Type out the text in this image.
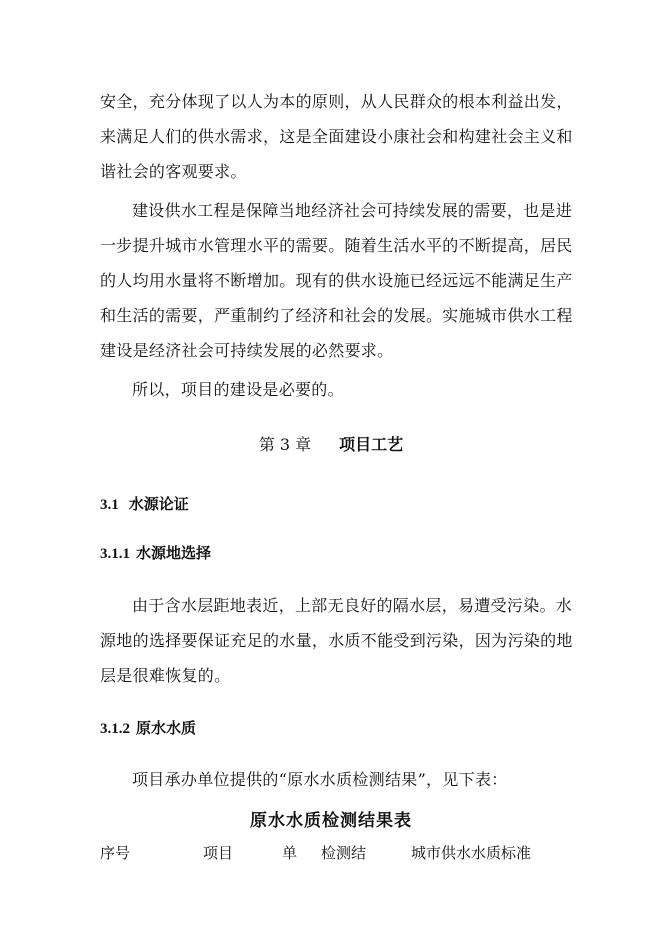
安全，充分体现了以人为本的原则，从人民群众的根本利益出发，
来满足人们的供水需求，这是全面建设小康社会和构建社会主义和
谐社会的客观要求。
建设供水工程是保障当地经济社会可持续发展的需要，也是进
一步提升城市水管理水平的需要。随着生活水平的不断提高，居民
的人均用水量将不断增加。现有的供水设施已经远远不能满足生产
和生活的需要，严重制约了经济和社会的发展。实施城市供水工程
建设是经济社会可持续发展的必然要求。
所以，项目的建设是必要的。
第 3 章 项目工艺
3.1 水源论证
3.1.1 水源地选择
由于含水层距地表近，上部无良好的隔水层，易遭受污染。水
源地的选择要保证充足的水量，水质不能受到污染，因为污染的地
层是很难恢复的。
3.1.2 原水水质
项目承办单位提供的“原水水质检测结果”，见下表：
原水水质检测结果表
序号	项目	单 检测结	城市供水水质标准
